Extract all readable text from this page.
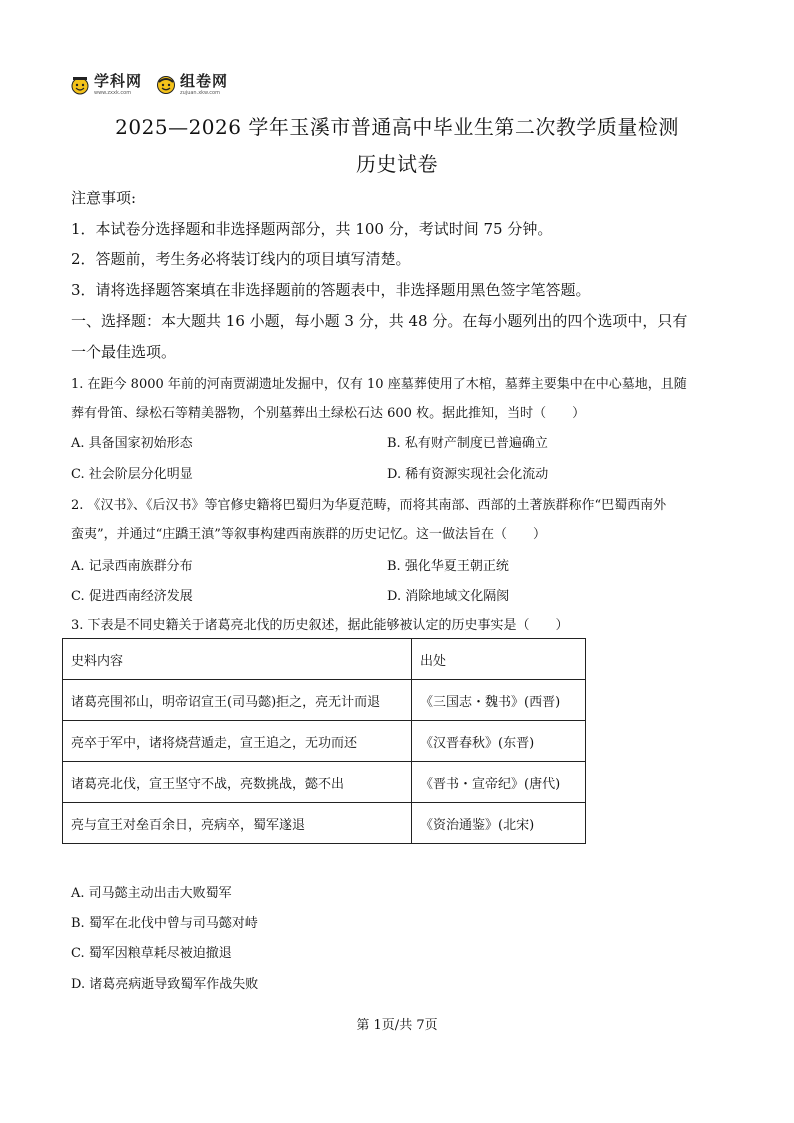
学科网
www.zxxk.com
组卷网
zujuan.xkw.com
2025—2026 学年玉溪市普通高中毕业生第二次教学质量检测
历史试卷
注意事项:
1．本试卷分选择题和非选择题两部分，共 100 分，考试时间 75 分钟。
2．答题前，考生务必将装订线内的项目填写清楚。
3．请将选择题答案填在非选择题前的答题表中，非选择题用黑色签字笔答题。
一、选择题：本大题共 16 小题，每小题 3 分，共 48 分。在每小题列出的四个选项中，只有
一个最佳选项。
1. 在距今 8000 年前的河南贾湖遗址发掘中，仅有 10 座墓葬使用了木棺，墓葬主要集中在中心墓地，且随
葬有骨笛、绿松石等精美器物，个别墓葬出土绿松石达 600 枚。据此推知，当时（　　）
A. 具备国家初始形态	B. 私有财产制度已普遍确立
C. 社会阶层分化明显	D. 稀有资源实现社会化流动
2. 《汉书》、《后汉书》等官修史籍将巴蜀归为华夏范畴，而将其南部、西部的土著族群称作“巴蜀西南外
蛮夷”，并通过“庄蹻王滇”等叙事构建西南族群的历史记忆。这一做法旨在（　　）
A. 记录西南族群分布	B. 强化华夏王朝正统
C. 促进西南经济发展	D. 消除地域文化隔阂
3. 下表是不同史籍关于诸葛亮北伐的历史叙述，据此能够被认定的历史事实是（　　）
史料内容	出处
诸葛亮围祁山，明帝诏宣王(司马懿)拒之，亮无计而退	《三国志・魏书》(西晋)
亮卒于军中，诸将烧营遁走，宣王追之，无功而还	《汉晋春秋》(东晋)
诸葛亮北伐，宣王坚守不战，亮数挑战，懿不出	《晋书・宣帝纪》(唐代)
亮与宣王对垒百余日，亮病卒，蜀军遂退	《资治通鉴》(北宋)
A. 司马懿主动出击大败蜀军
B. 蜀军在北伐中曾与司马懿对峙
C. 蜀军因粮草耗尽被迫撤退
D. 诸葛亮病逝导致蜀军作战失败
第 1页/共 7页
